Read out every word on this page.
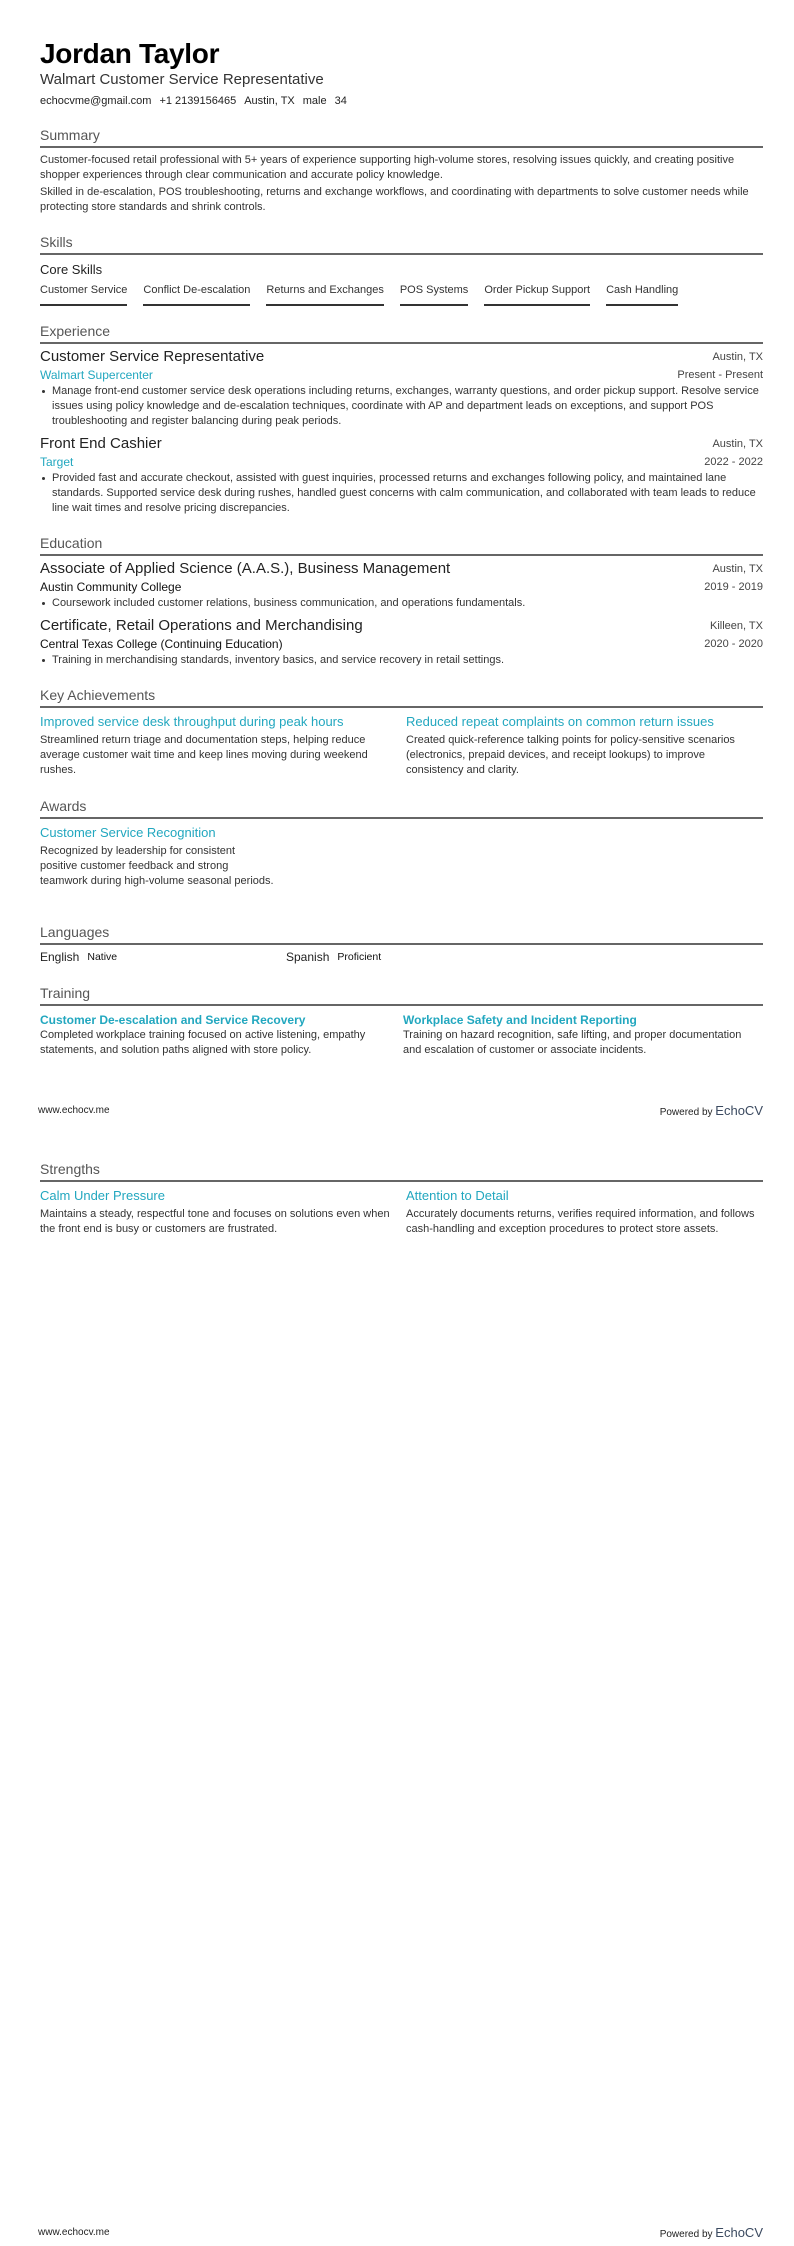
Jordan Taylor
Walmart Customer Service Representative
echocvme@gmail.com +1 2139156465 Austin, TX male 34
Summary

Customer-focused retail professional with 5+ years of experience supporting high-volume stores, resolving issues quickly, and creating positive shopper experiences through clear communication and accurate policy knowledge.

Skilled in de-escalation, POS troubleshooting, returns and exchange workflows, and coordinating with departments to solve customer needs while protecting store standards and shrink controls.

Skills
Core Skills
Customer Service Conflict De-escalation Returns and Exchanges POS Systems Order Pickup Support Cash Handling
Experience
Customer Service Representative	Austin, TX
Walmart Supercenter	Present - Present
Manage front-end customer service desk operations including returns, exchanges, warranty questions, and order pickup support. Resolve service issues using policy knowledge and de-escalation techniques, coordinate with AP and department leads on exceptions, and support POS troubleshooting and register balancing during peak periods.
Front End Cashier	Austin, TX
Target	2022 - 2022
Provided fast and accurate checkout, assisted with guest inquiries, processed returns and exchanges following policy, and maintained lane standards. Supported service desk during rushes, handled guest concerns with calm communication, and collaborated with team leads to reduce line wait times and resolve pricing discrepancies.
Education
Associate of Applied Science (A.A.S.), Business Management	Austin, TX
Austin Community College	2019 - 2019
Coursework included customer relations, business communication, and operations fundamentals.
Certificate, Retail Operations and Merchandising	Killeen, TX
Central Texas College (Continuing Education)	2020 - 2020
Training in merchandising standards, inventory basics, and service recovery in retail settings.
Key Achievements
Improved service desk throughput during peak hours
Streamlined return triage and documentation steps, helping reduce average customer wait time and keep lines moving during weekend rushes.
Reduced repeat complaints on common return issues
Created quick-reference talking points for policy-sensitive scenarios (electronics, prepaid devices, and receipt lookups) to improve consistency and clarity.
Awards
Customer Service Recognition
Recognized by leadership for consistent positive customer feedback and strong teamwork during high-volume seasonal periods.
Languages
English Native	Spanish Proficient
Training
Customer De-escalation and Service Recovery
Completed workplace training focused on active listening, empathy statements, and solution paths aligned with store policy.
Workplace Safety and Incident Reporting
Training on hazard recognition, safe lifting, and proper documentation and escalation of customer or associate incidents.
www.echocv.me	Powered by EchoCV
Strengths
Calm Under Pressure
Maintains a steady, respectful tone and focuses on solutions even when the front end is busy or customers are frustrated.
Attention to Detail
Accurately documents returns, verifies required information, and follows cash-handling and exception procedures to protect store assets.
www.echocv.me	Powered by EchoCV
